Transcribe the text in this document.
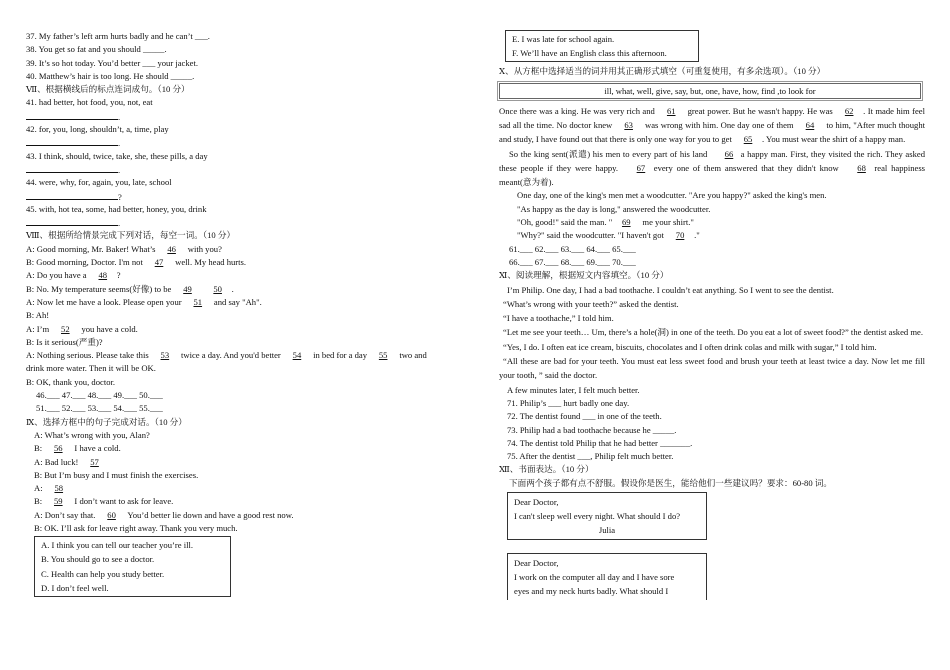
37. My father’s left arm hurts badly and he can’t ___.
38. You get so fat and you should _____.
39. It’s so hot today. You’d better ___ your jacket.
40. Matthew’s hair is too long. He should _____.
Ⅶ、根据横线后的标点连词成句。（10 分）
41. had better, hot food, you, not, eat
.
42. for, you, long, shouldn’t, a, time, play
.
43. I think, should, twice, take, she, these pills, a day
.
44. were, why, for, again, you, late, school
?
45. with, hot tea, some, had better, honey, you, drink
.
Ⅷ、根据所给情景完成下列对话，每空一词。（10 分）
A: Good morning, Mr. Baker! What’s 46 with you?
B: Good morning, Doctor. I'm not 47 well. My head hurts.
A: Do you have a 48?
B: No. My temperature seems(好像) to be 49	50.
A: Now let me have a look. Please open your 51 and say "Ah".
B: Ah!
A: I’m 52 you have a cold.
B: Is it serious(严重)?
A: Nothing serious. Please take this 53 twice a day. And you'd better 54 in bed for a day 55 two and
drink more water. Then it will be OK.
B: OK, thank you, doctor.
46.___ 47.___ 48.___ 49.___ 50.___
51.___ 52.___ 53.___ 54.___ 55.___
Ⅸ、选择方框中的句子完成对话。（10 分）
A: What’s wrong with you, Alan?
B: 56 I have a cold.
A: Bad luck! 57
B: But I’m busy and I must finish the exercises.
A: 58
B: 59 I don’t want to ask for leave.
A: Don’t say that. 60 You’d better lie down and have a good rest now.
B: OK. I’ll ask for leave right away. Thank you very much.
A. I think you can tell our teacher you’re ill.
B. You should go to see a doctor.
C. Health can help you study better.
D. I don’t feel well.
E. I was late for school again.
F. We’ll have an English class this afternoon.
Ⅹ、从方框中选择适当的词并用其正确形式填空（可重复使用，有多余选项）。（10 分）
ill, what, well, give, say, but, one, have, how, find ,to look for
Once there was a king. He was very rich and 61 great power. But he wasn't happy. He was 62. It made him feel sad all the time. No doctor knew 63 was wrong with him. One day one of them 64 to him, "After much thought and study, I have found out that there is only one way for you to get 65. You must wear the shirt of a happy man.
So the king sent(派遣) his men to every part of his land 66 a happy man. First, they visited the rich. They asked these people if they were happy. 67 every one of them answered that they didn't know 68 real happiness meant(意为着).
One day, one of the king's men met a woodcutter. "Are you happy?" asked the king's men.
"As happy as the day is long," answered the woodcutter.
"Oh, good!" said the man. "69 me your shirt."
"Why?" said the woodcutter. "I haven't got 70."
61.___ 62.___ 63.___ 64.___ 65.___
66.___ 67.___ 68.___ 69.___ 70.___
Ⅺ、阅读理解，根据短文内容填空。（10 分）
I’m Philip. One day, I had a bad toothache. I couldn’t eat anything. So I went to see the dentist.
“What’s wrong with your teeth?” asked the dentist.
“I have a toothache,” I told him.
“Let me see your teeth… Um, there’s a hole(洞) in one of the teeth. Do you eat a lot of sweet food?” the dentist asked me.
“Yes, I do. I often eat ice cream, biscuits, chocolates and I often drink colas and milk with sugar,” I told him.
“All these are bad for your teeth. You must eat less sweet food and brush your teeth at least twice a day. Now let me fill your tooth, ” said the doctor.
A few minutes later, I felt much better.
71. Philip’s ___ hurt badly one day.
72. The dentist found ___ in one of the teeth.
73. Philip had a bad toothache because he _____.
74. The dentist told Philip that he had better _______.
75. After the dentist ___, Philip felt much better.
Ⅻ、书面表达。（10 分）
下面两个孩子都有点不舒服。假设你是医生，能给他们一些建议吗？要求：60-80 词。
Dear Doctor,
I can't sleep well every night. What should I do?
Julia
Dear Doctor,
I work on the computer all day and I have sore
eyes and my neck hurts badly. What should I
